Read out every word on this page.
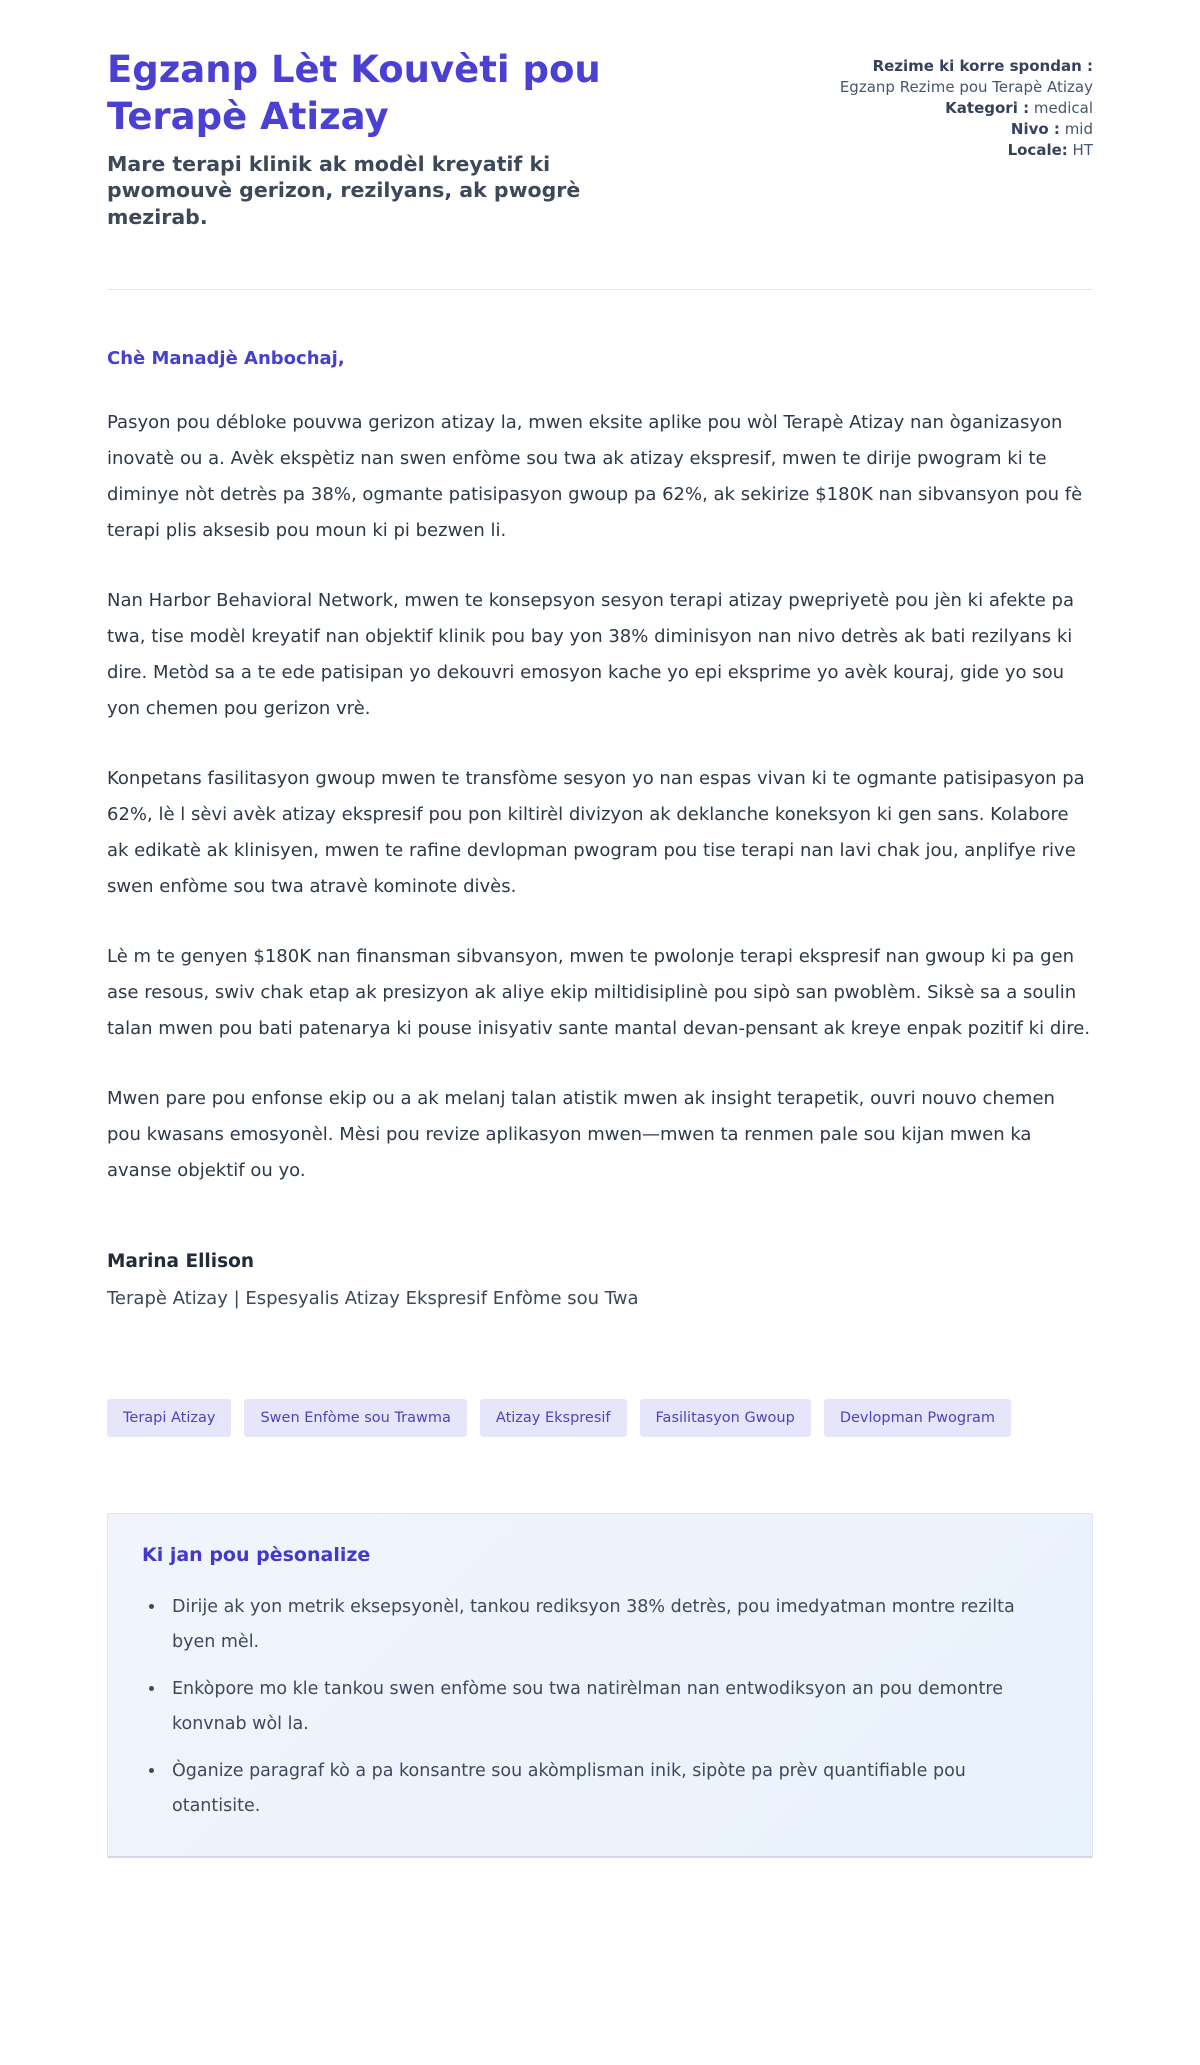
Egzanp Lèt Kouvèti pou Terapè Atizay

Mare terapi klinik ak modèl kreyatif ki pwomouvè gerizon, rezilyans, ak pwogrè mezirab.

Rezime ki korre spondan :
Egzanp Rezime pou Terapè Atizay
Kategori : medical
Nivo : mid
Locale: HT

Chè Manadjè Anbochaj,

Pasyon pou débloke pouvwa gerizon atizay la, mwen eksite aplike pou wòl Terapè Atizay nan òganizasyon inovatè ou a. Avèk ekspètiz nan swen enfòme sou twa ak atizay ekspresif, mwen te dirije pwogram ki te diminye nòt detrès pa 38%, ogmante patisipasyon gwoup pa 62%, ak sekirize $180K nan sibvansyon pou fè terapi plis aksesib pou moun ki pi bezwen li.

Nan Harbor Behavioral Network, mwen te konsepsyon sesyon terapi atizay pwepriyetè pou jèn ki afekte pa twa, tise modèl kreyatif nan objektif klinik pou bay yon 38% diminisyon nan nivo detrès ak bati rezilyans ki dire. Metòd sa a te ede patisipan yo dekouvri emosyon kache yo epi eksprime yo avèk kouraj, gide yo sou yon chemen pou gerizon vrè.

Konpetans fasilitasyon gwoup mwen te transfòme sesyon yo nan espas vivan ki te ogmante patisipasyon pa 62%, lè l sèvi avèk atizay ekspresif pou pon kiltirèl divizyon ak deklanche koneksyon ki gen sans. Kolabore ak edikatè ak klinisyen, mwen te rafine devlopman pwogram pou tise terapi nan lavi chak jou, anplifye rive swen enfòme sou twa atravè kominote divès.

Lè m te genyen $180K nan finansman sibvansyon, mwen te pwolonje terapi ekspresif nan gwoup ki pa gen ase resous, swiv chak etap ak presizyon ak aliye ekip miltidisiplinè pou sipò san pwoblèm. Siksè sa a soulin talan mwen pou bati patenarya ki pouse inisyativ sante mantal devan-pensant ak kreye enpak pozitif ki dire.

Mwen pare pou enfonse ekip ou a ak melanj talan atistik mwen ak insight terapetik, ouvri nouvo chemen pou kwasans emosyonèl. Mèsi pou revize aplikasyon mwen—mwen ta renmen pale sou kijan mwen ka avanse objektif ou yo.

Marina Ellison

Terapè Atizay | Espesyalis Atizay Ekspresif Enfòme sou Twa

Terapi Atizay	Swen Enfòme sou Trawma	Atizay Ekspresif	Fasilitasyon Gwoup	Devlopman Pwogram
Ki jan pou pèsonalize
• Dirije ak yon metrik eksepsyonèl, tankou rediksyon 38% detrès, pou imedyatman montre rezilta byen mèl.
• Enkòpore mo kle tankou swen enfòme sou twa natirèlman nan entwodiksyon an pou demontre konvnab wòl la.
• Òganize paragraf kò a pa konsantre sou akòmplisman inik, sipòte pa prèv quantifiable pou otantisite.
